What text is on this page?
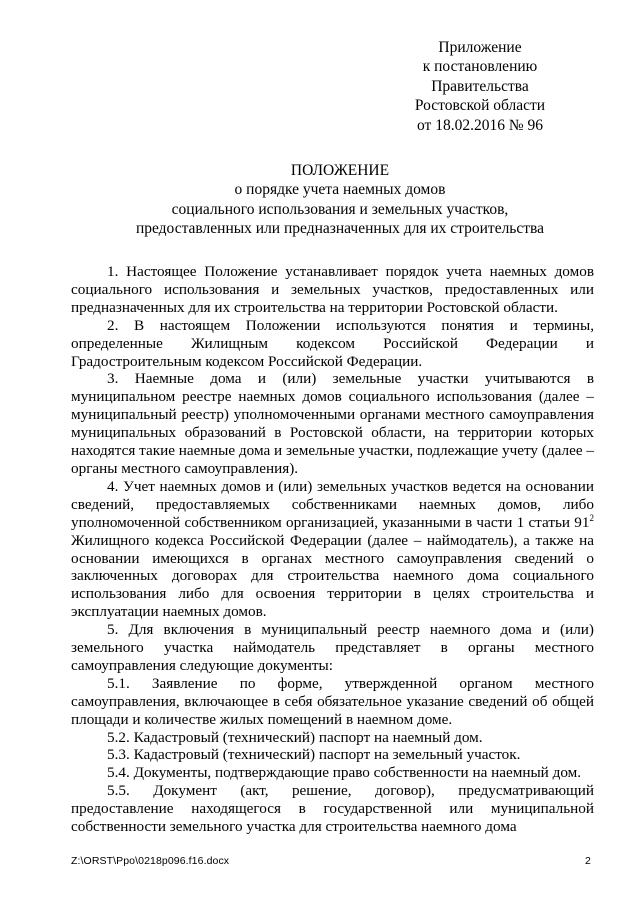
Приложение
к постановлению
Правительства
Ростовской области
от 18.02.2016 № 96
ПОЛОЖЕНИЕ
о порядке учета наемных домов
социального использования и земельных участков,
предоставленных или предназначенных для их строительства

1. Настоящее Положение устанавливает порядок учета наемных домов социального использования и земельных участков, предоставленных или предназначенных для их строительства на территории Ростовской области.

2. В настоящем Положении используются понятия и термины, определенные Жилищным кодексом Российской Федерации и Градостроительным кодексом Российской Федерации.

3. Наемные дома и (или) земельные участки учитываются в муниципальном реестре наемных домов социального использования (далее – муниципальный реестр) уполномоченными органами местного самоуправления муниципальных образований в Ростовской области, на территории которых находятся такие наемные дома и земельные участки, подлежащие учету (далее – органы местного самоуправления).

4. Учет наемных домов и (или) земельных участков ведется на основании сведений, предоставляемых собственниками наемных домов, либо уполномоченной собственником организацией, указанными в части 1 статьи $91^2$ Жилищного кодекса Российской Федерации (далее – наймодатель), а также на основании имеющихся в органах местного самоуправления сведений о заключенных договорах для строительства наемного дома социального использования либо для освоения территории в целях строительства и эксплуатации наемных домов.

5. Для включения в муниципальный реестр наемного дома и (или) земельного участка наймодатель представляет в органы местного самоуправления следующие документы:

5.1. Заявление по форме, утвержденной органом местного самоуправления, включающее в себя обязательное указание сведений об общей площади и количестве жилых помещений в наемном доме.

5.2. Кадастровый (технический) паспорт на наемный дом.

5.3. Кадастровый (технический) паспорт на земельный участок.

5.4. Документы, подтверждающие право собственности на наемный дом.

5.5. Документ (акт, решение, договор), предусматривающий предоставление находящегося в государственной или муниципальной собственности земельного участка для строительства наемного дома

Z:\ORST\Ppo\0218p096.f16.docx	2
